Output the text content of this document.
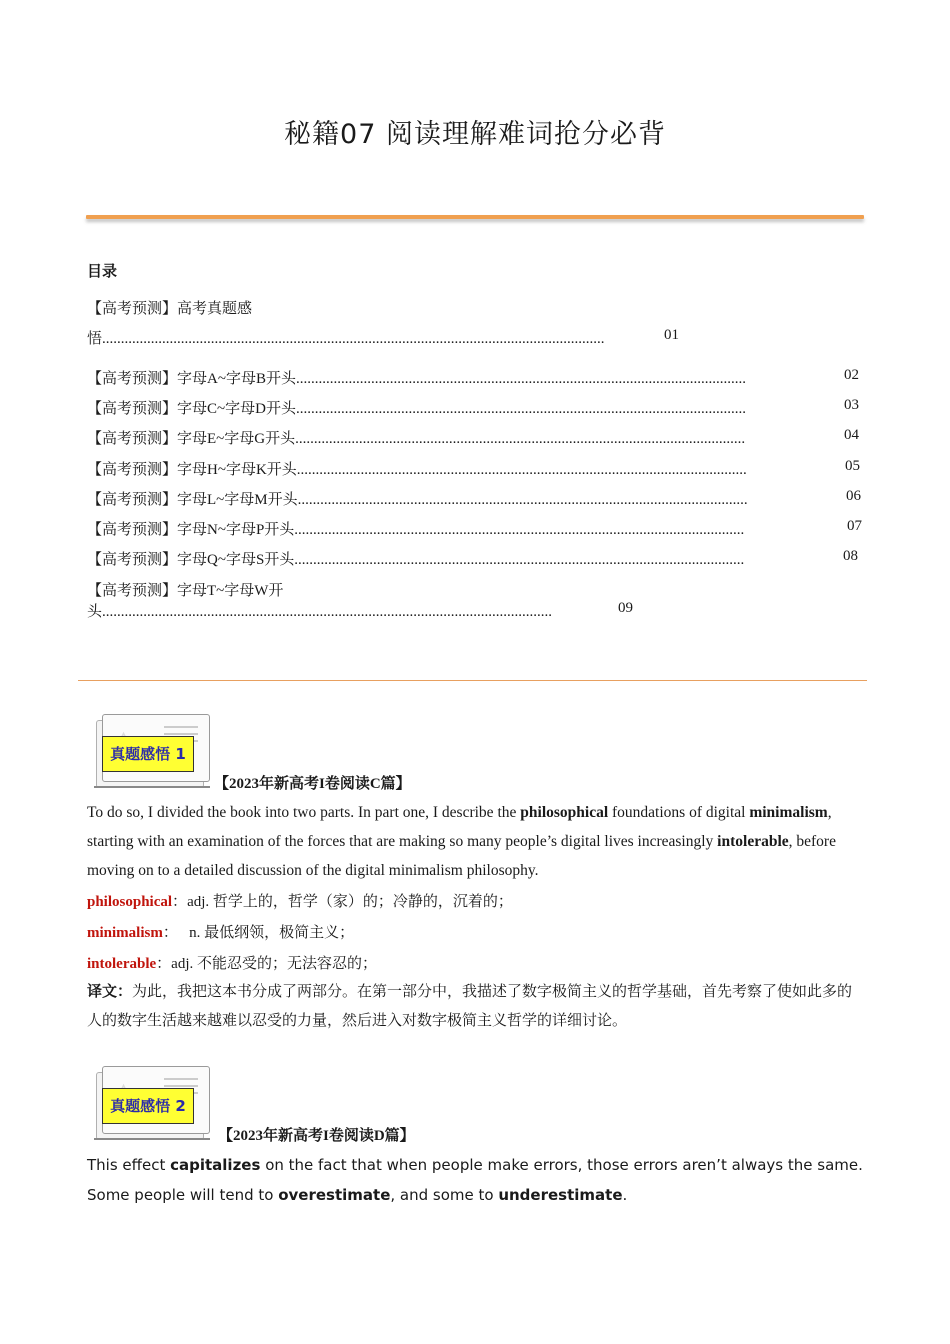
秘籍07 阅读理解难词抢分必背
目录
【高考预测】高考真题感
悟......................................................................................................................................	01
【高考预测】字母A~字母B开头........................................................................................................................	02
【高考预测】字母C~字母D开头........................................................................................................................	03
【高考预测】字母E~字母G开头........................................................................................................................	04
【高考预测】字母H~字母K开头........................................................................................................................	05
【高考预测】字母L~字母M开头........................................................................................................................	06
【高考预测】字母N~字母P开头........................................................................................................................	07
【高考预测】字母Q~字母S开头........................................................................................................................	08
【高考预测】字母T~字母W开
头........................................................................................................................	09
真题感悟 1
【2023年新高考I卷阅读C篇】
To do so, I divided the book into two parts. In part one, I describe the philosophical foundations of digital minimalism, starting with an examination of the forces that are making so many people’s digital lives increasingly intolerable, before moving on to a detailed discussion of the digital minimalism philosophy.
philosophical：adj. 哲学上的，哲学（家）的；冷静的，沉着的；
minimalism： n. 最低纲领，极简主义；
intolerable：adj. 不能忍受的；无法容忍的；
译文：为此，我把这本书分成了两部分。在第一部分中，我描述了数字极简主义的哲学基础，首先考察了使如此多的人的数字生活越来越难以忍受的力量，然后进入对数字极简主义哲学的详细讨论。
真题感悟 2
【2023年新高考I卷阅读D篇】
This effect capitalizes on the fact that when people make errors, those errors aren’t always the same. Some people will tend to overestimate, and some to underestimate.
